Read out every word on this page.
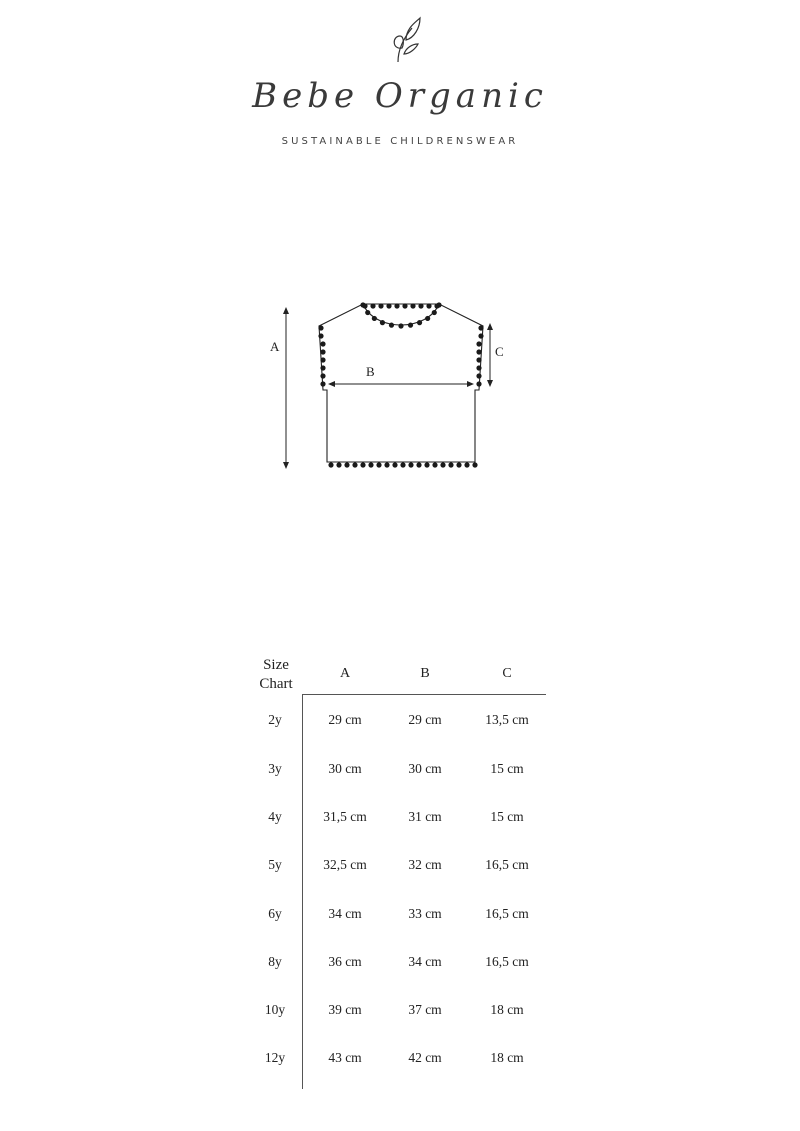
Bebe Organic
SUSTAINABLE CHILDRENSWEAR
A
B
C
Size
Chart
A	B	C
2y	29 cm	29 cm	13,5 cm
3y	30 cm	30 cm	15 cm
4y	31,5 cm	31 cm	15 cm
5y	32,5 cm	32 cm	16,5 cm
6y	34 cm	33 cm	16,5 cm
8y	36 cm	34 cm	16,5 cm
10y	39 cm	37 cm	18 cm
12y	43 cm	42 cm	18 cm
